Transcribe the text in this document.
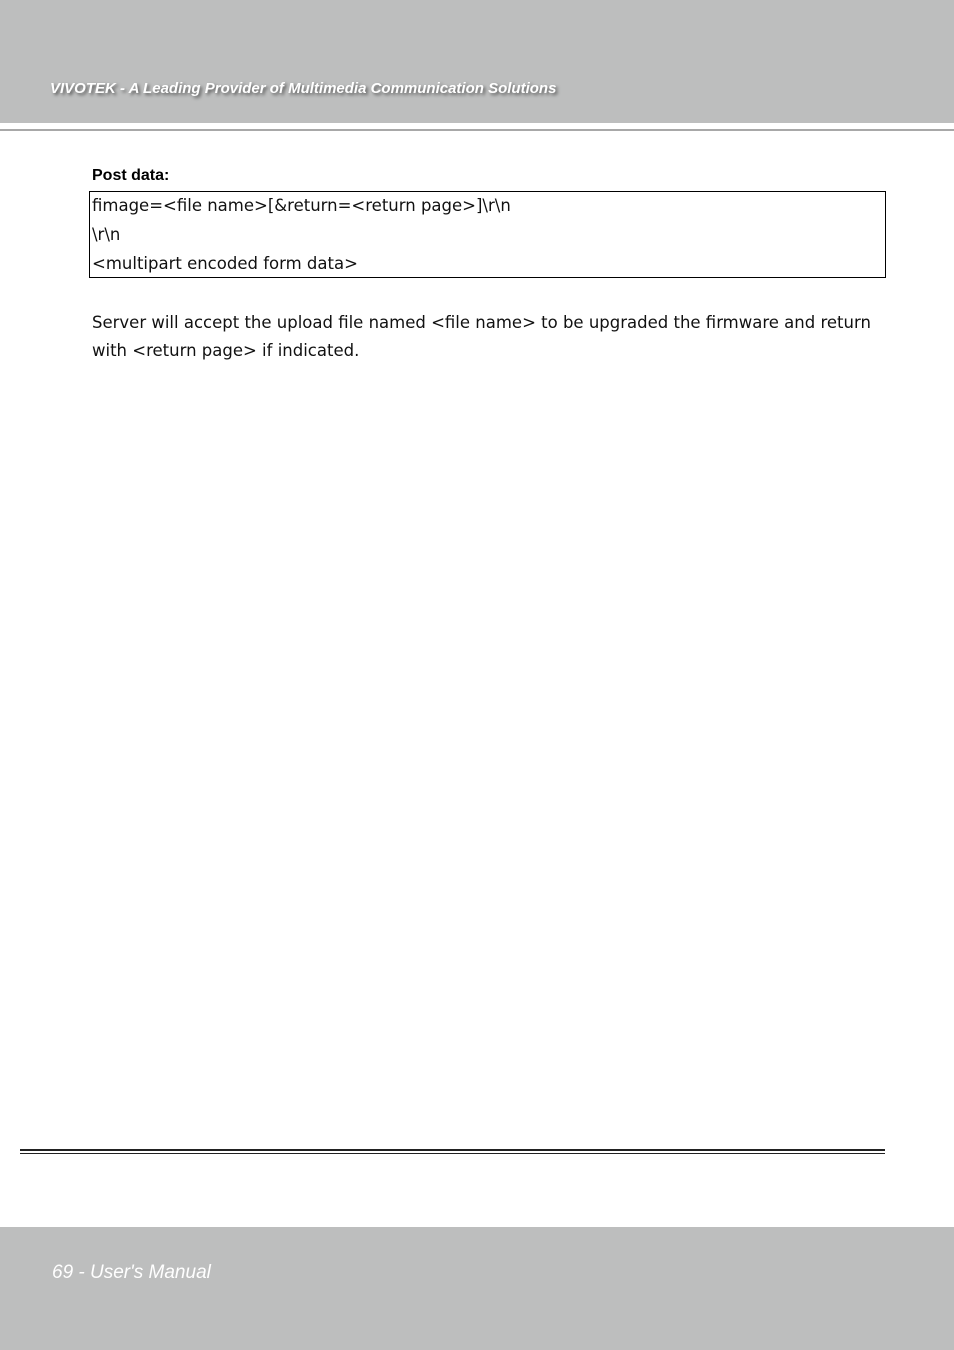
VIVOTEK - A Leading Provider of Multimedia Communication Solutions
Post data:
fimage=<file name>[&return=<return page>]\r\n
\r\n
<multipart encoded form data>
Server will accept the upload file named <file name> to be upgraded the firmware and return with <return page> if indicated.
69 - User's Manual
